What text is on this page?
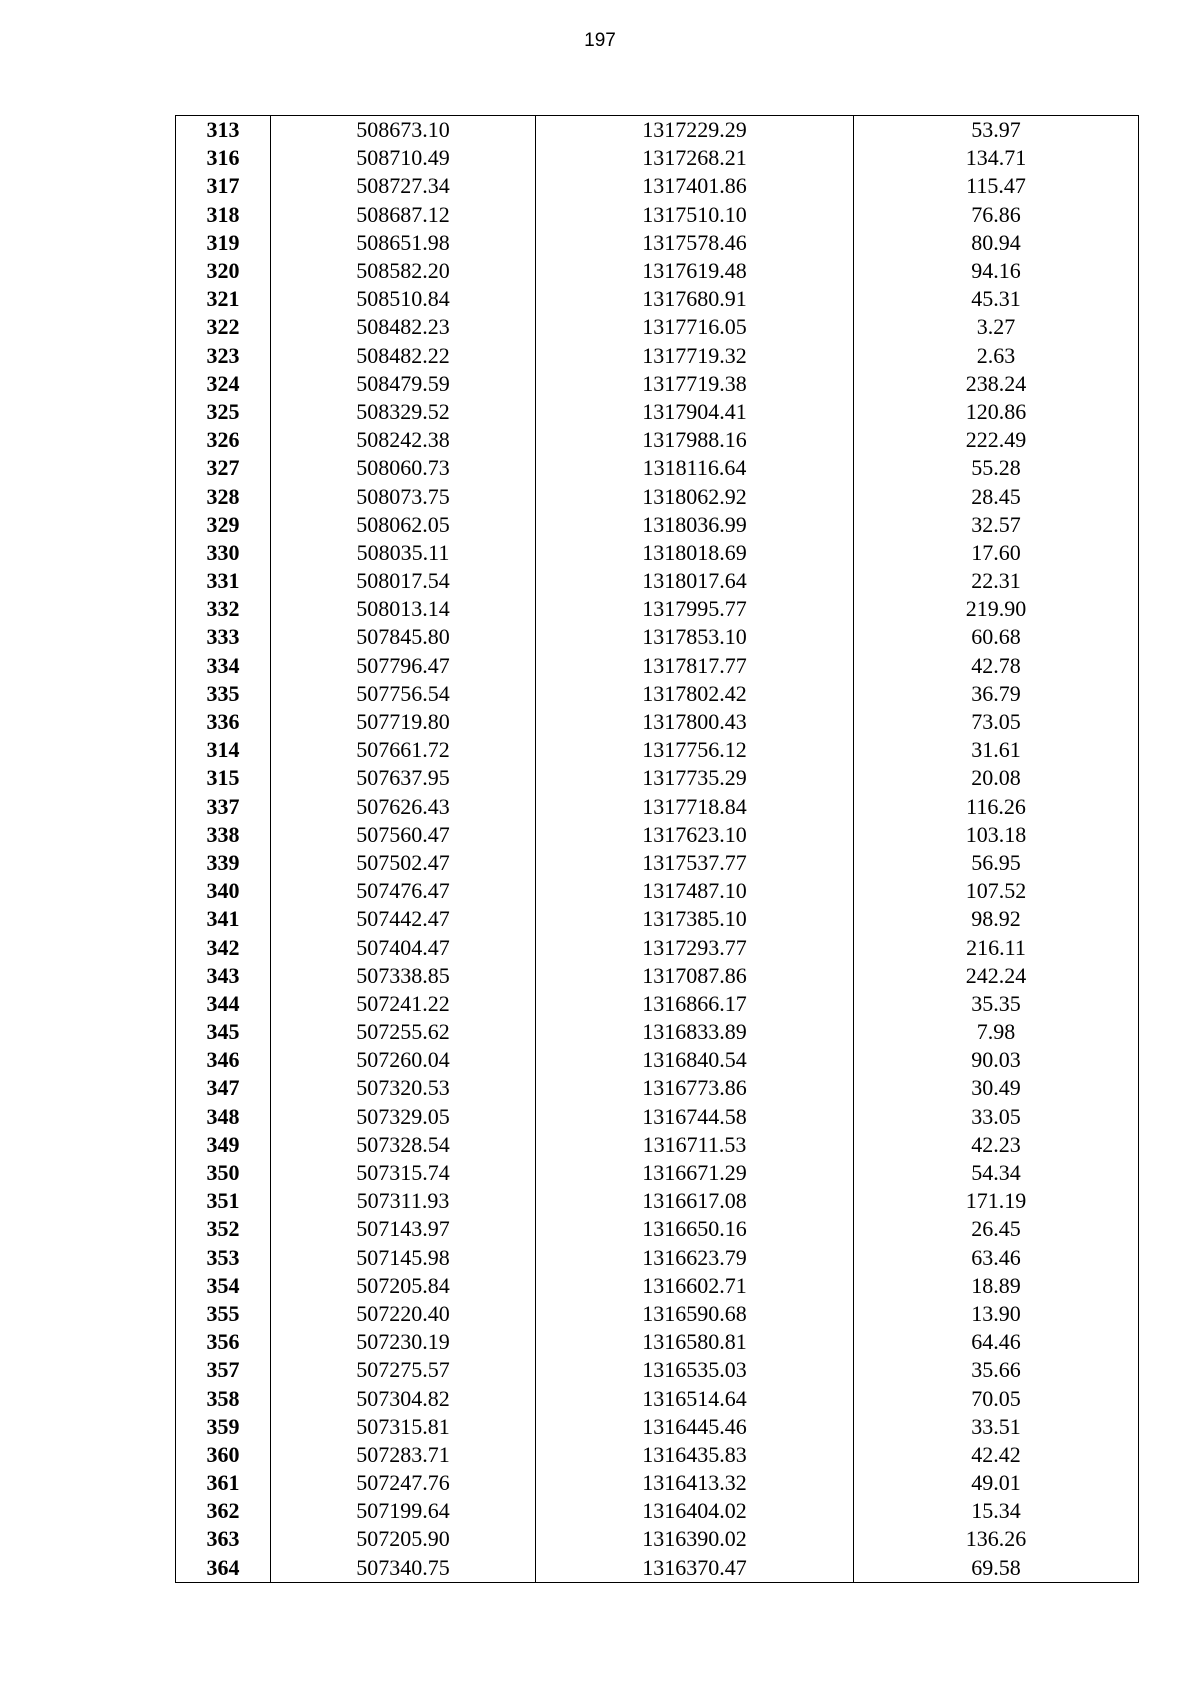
197
313	508673.10	1317229.29	53.97
316	508710.49	1317268.21	134.71
317	508727.34	1317401.86	115.47
318	508687.12	1317510.10	76.86
319	508651.98	1317578.46	80.94
320	508582.20	1317619.48	94.16
321	508510.84	1317680.91	45.31
322	508482.23	1317716.05	3.27
323	508482.22	1317719.32	2.63
324	508479.59	1317719.38	238.24
325	508329.52	1317904.41	120.86
326	508242.38	1317988.16	222.49
327	508060.73	1318116.64	55.28
328	508073.75	1318062.92	28.45
329	508062.05	1318036.99	32.57
330	508035.11	1318018.69	17.60
331	508017.54	1318017.64	22.31
332	508013.14	1317995.77	219.90
333	507845.80	1317853.10	60.68
334	507796.47	1317817.77	42.78
335	507756.54	1317802.42	36.79
336	507719.80	1317800.43	73.05
314	507661.72	1317756.12	31.61
315	507637.95	1317735.29	20.08
337	507626.43	1317718.84	116.26
338	507560.47	1317623.10	103.18
339	507502.47	1317537.77	56.95
340	507476.47	1317487.10	107.52
341	507442.47	1317385.10	98.92
342	507404.47	1317293.77	216.11
343	507338.85	1317087.86	242.24
344	507241.22	1316866.17	35.35
345	507255.62	1316833.89	7.98
346	507260.04	1316840.54	90.03
347	507320.53	1316773.86	30.49
348	507329.05	1316744.58	33.05
349	507328.54	1316711.53	42.23
350	507315.74	1316671.29	54.34
351	507311.93	1316617.08	171.19
352	507143.97	1316650.16	26.45
353	507145.98	1316623.79	63.46
354	507205.84	1316602.71	18.89
355	507220.40	1316590.68	13.90
356	507230.19	1316580.81	64.46
357	507275.57	1316535.03	35.66
358	507304.82	1316514.64	70.05
359	507315.81	1316445.46	33.51
360	507283.71	1316435.83	42.42
361	507247.76	1316413.32	49.01
362	507199.64	1316404.02	15.34
363	507205.90	1316390.02	136.26
364	507340.75	1316370.47	69.58
